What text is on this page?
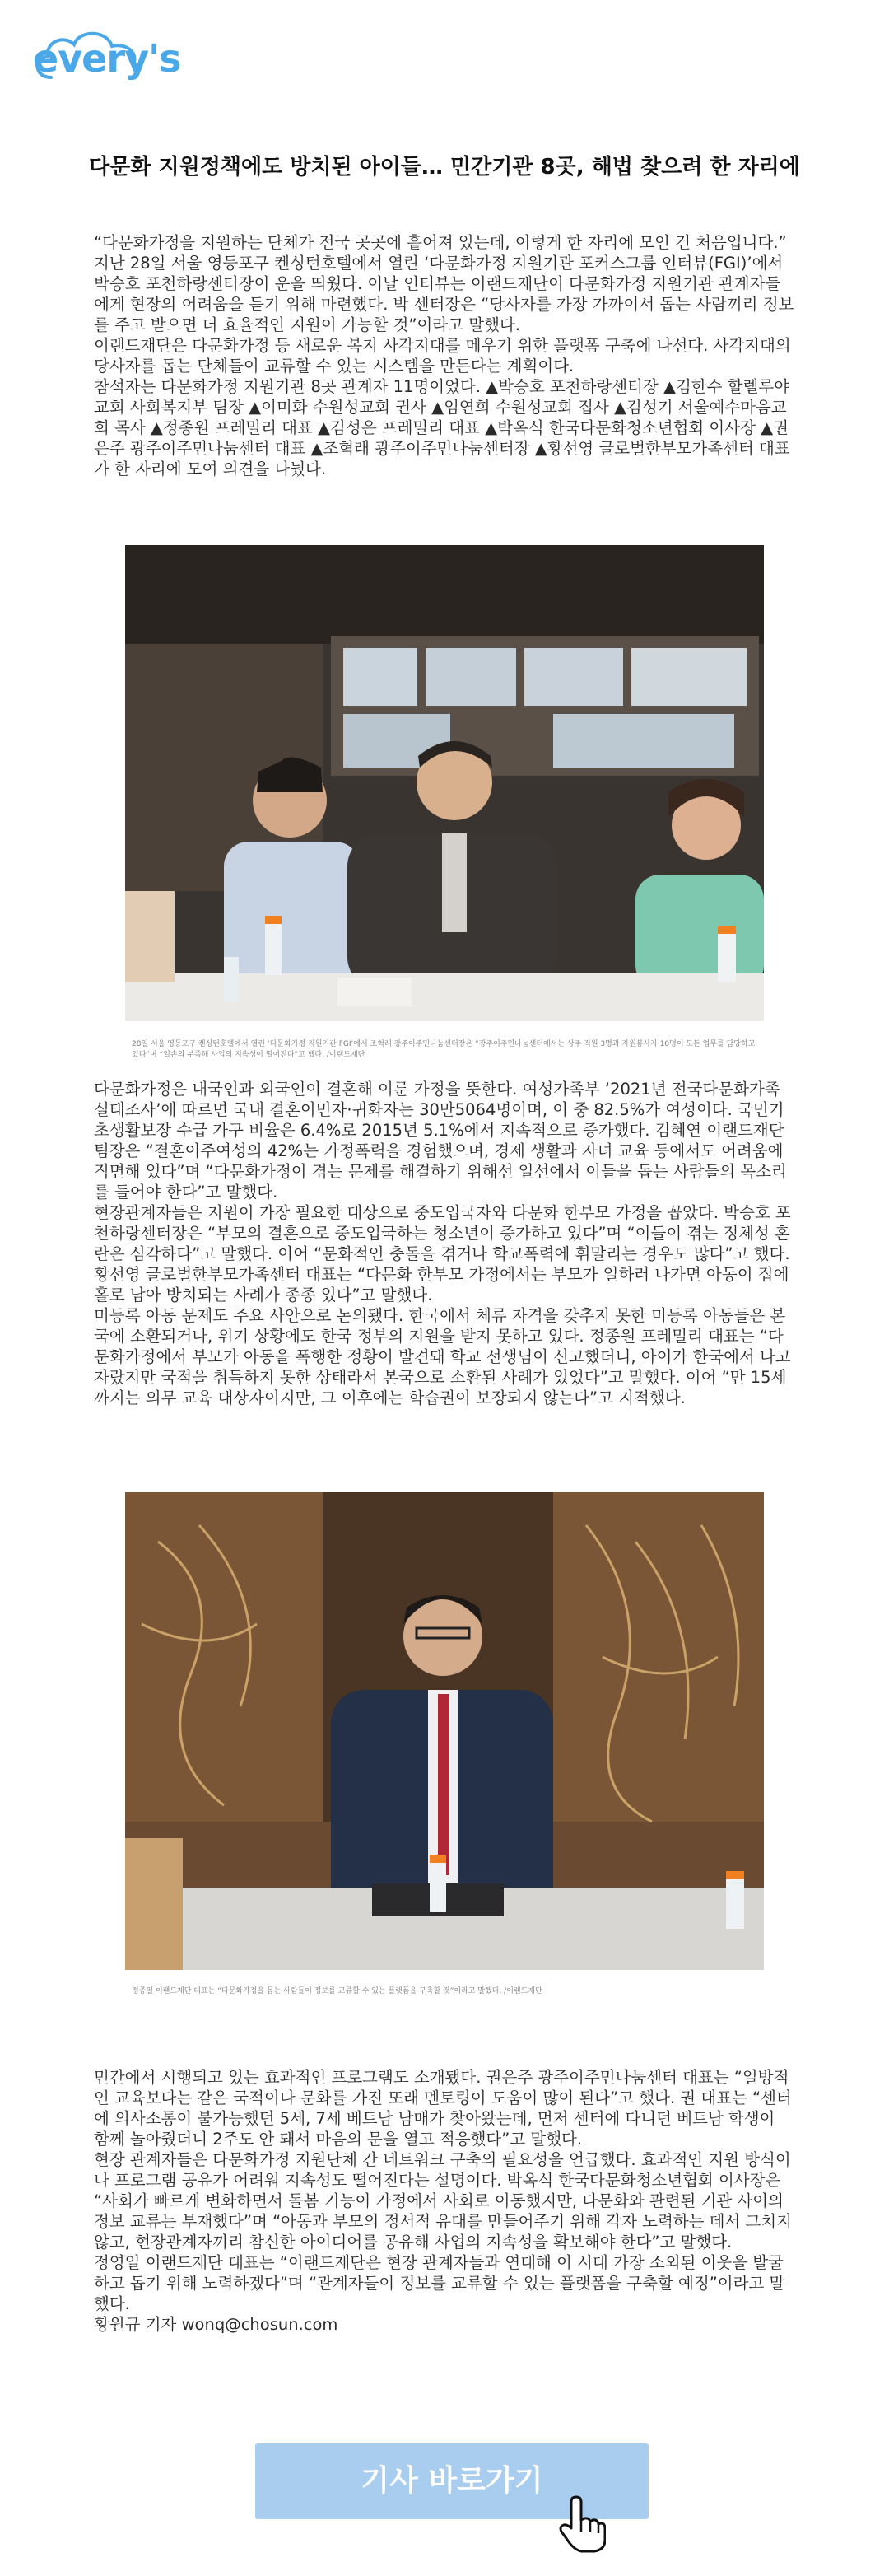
every's
다문화 지원정책에도 방치된 아이들… 민간기관 8곳, 해법 찾으려 한 자리에

“다문화가정을 지원하는 단체가 전국 곳곳에 흩어져 있는데, 이렇게 한 자리에 모인 건 처음입니다.”

지난 28일 서울 영등포구 켄싱턴호텔에서 열린 ‘다문화가정 지원기관 포커스그룹 인터뷰(FGI)’에서 박승호 포천하랑센터장이 운을 띄웠다. 이날 인터뷰는 이랜드재단이 다문화가정 지원기관 관계자들에게 현장의 어려움을 듣기 위해 마련했다. 박 센터장은 “당사자를 가장 가까이서 돕는 사람끼리 정보를 주고 받으면 더 효율적인 지원이 가능할 것”이라고 말했다.

이랜드재단은 다문화가정 등 새로운 복지 사각지대를 메우기 위한 플랫폼 구축에 나선다. 사각지대의 당사자를 돕는 단체들이 교류할 수 있는 시스템을 만든다는 계획이다.

참석자는 다문화가정 지원기관 8곳 관계자 11명이었다. ▲박승호 포천하랑센터장 ▲김한수 할렐루야 교회 사회복지부 팀장 ▲이미화 수원성교회 권사 ▲임연희 수원성교회 집사 ▲김성기 서울예수마음교회 목사 ▲정종원 프레밀리 대표 ▲김성은 프레밀리 대표 ▲박옥식 한국다문화청소년협회 이사장 ▲권은주 광주이주민나눔센터 대표 ▲조혁래 광주이주민나눔센터장 ▲황선영 글로벌한부모가족센터 대표가 한 자리에 모여 의견을 나눴다.

28일 서울 영등포구 켄싱턴호텔에서 열린 ‘다문화가정 지원기관 FGI’에서 조혁래 광주이주민나눔센터장은 “광주이주민나눔센터에서는 상주 직원 3명과 자원봉사자 10명이 모든 업무를 담당하고 있다”며 “일손의 부족해 사업의 지속성이 떨어진다”고 했다. /이랜드재단

다문화가정은 내국인과 외국인이 결혼해 이룬 가정을 뜻한다. 여성가족부 ‘2021년 전국다문화가족실태조사’에 따르면 국내 결혼이민자·귀화자는 30만5064명이며, 이 중 82.5%가 여성이다. 국민기초생활보장 수급 가구 비율은 6.4%로 2015년 5.1%에서 지속적으로 증가했다. 김혜연 이랜드재단 팀장은 “결혼이주여성의 42%는 가정폭력을 경험했으며, 경제 생활과 자녀 교육 등에서도 어려움에 직면해 있다”며 “다문화가정이 겪는 문제를 해결하기 위해선 일선에서 이들을 돕는 사람들의 목소리를 들어야 한다”고 말했다.

현장관계자들은 지원이 가장 필요한 대상으로 중도입국자와 다문화 한부모 가정을 꼽았다. 박승호 포천하랑센터장은 “부모의 결혼으로 중도입국하는 청소년이 증가하고 있다”며 “이들이 겪는 정체성 혼란은 심각하다”고 말했다. 이어 “문화적인 충돌을 겪거나 학교폭력에 휘말리는 경우도 많다”고 했다. 황선영 글로벌한부모가족센터 대표는 “다문화 한부모 가정에서는 부모가 일하러 나가면 아동이 집에 홀로 남아 방치되는 사례가 종종 있다”고 말했다.

미등록 아동 문제도 주요 사안으로 논의됐다. 한국에서 체류 자격을 갖추지 못한 미등록 아동들은 본국에 소환되거나, 위기 상황에도 한국 정부의 지원을 받지 못하고 있다. 정종원 프레밀리 대표는 “다문화가정에서 부모가 아동을 폭행한 정황이 발견돼 학교 선생님이 신고했더니, 아이가 한국에서 나고 자랐지만 국적을 취득하지 못한 상태라서 본국으로 소환된 사례가 있었다”고 말했다. 이어 “만 15세까지는 의무 교육 대상자이지만, 그 이후에는 학습권이 보장되지 않는다”고 지적했다.

정종일 이랜드재단 대표는 “다문화가정을 돕는 사람들이 정보를 교류할 수 있는 플랫폼을 구축할 것”이라고 말했다. /이랜드재단

민간에서 시행되고 있는 효과적인 프로그램도 소개됐다. 권은주 광주이주민나눔센터 대표는 “일방적인 교육보다는 같은 국적이나 문화를 가진 또래 멘토링이 도움이 많이 된다”고 했다. 권 대표는 “센터에 의사소통이 불가능했던 5세, 7세 베트남 남매가 찾아왔는데, 먼저 센터에 다니던 베트남 학생이 함께 놀아줬더니 2주도 안 돼서 마음의 문을 열고 적응했다”고 말했다.

현장 관계자들은 다문화가정 지원단체 간 네트워크 구축의 필요성을 언급했다. 효과적인 지원 방식이나 프로그램 공유가 어려워 지속성도 떨어진다는 설명이다. 박옥식 한국다문화청소년협회 이사장은 “사회가 빠르게 변화하면서 돌봄 기능이 가정에서 사회로 이동했지만, 다문화와 관련된 기관 사이의 정보 교류는 부재했다”며 “아동과 부모의 정서적 유대를 만들어주기 위해 각자 노력하는 데서 그치지 않고, 현장관계자끼리 참신한 아이디어를 공유해 사업의 지속성을 확보해야 한다”고 말했다.

정영일 이랜드재단 대표는 “이랜드재단은 현장 관계자들과 연대해 이 시대 가장 소외된 이웃을 발굴하고 돕기 위해 노력하겠다”며 “관계자들이 정보를 교류할 수 있는 플랫폼을 구축할 예정”이라고 말했다.

황원규 기자 wonq@chosun.com

기사 바로가기
